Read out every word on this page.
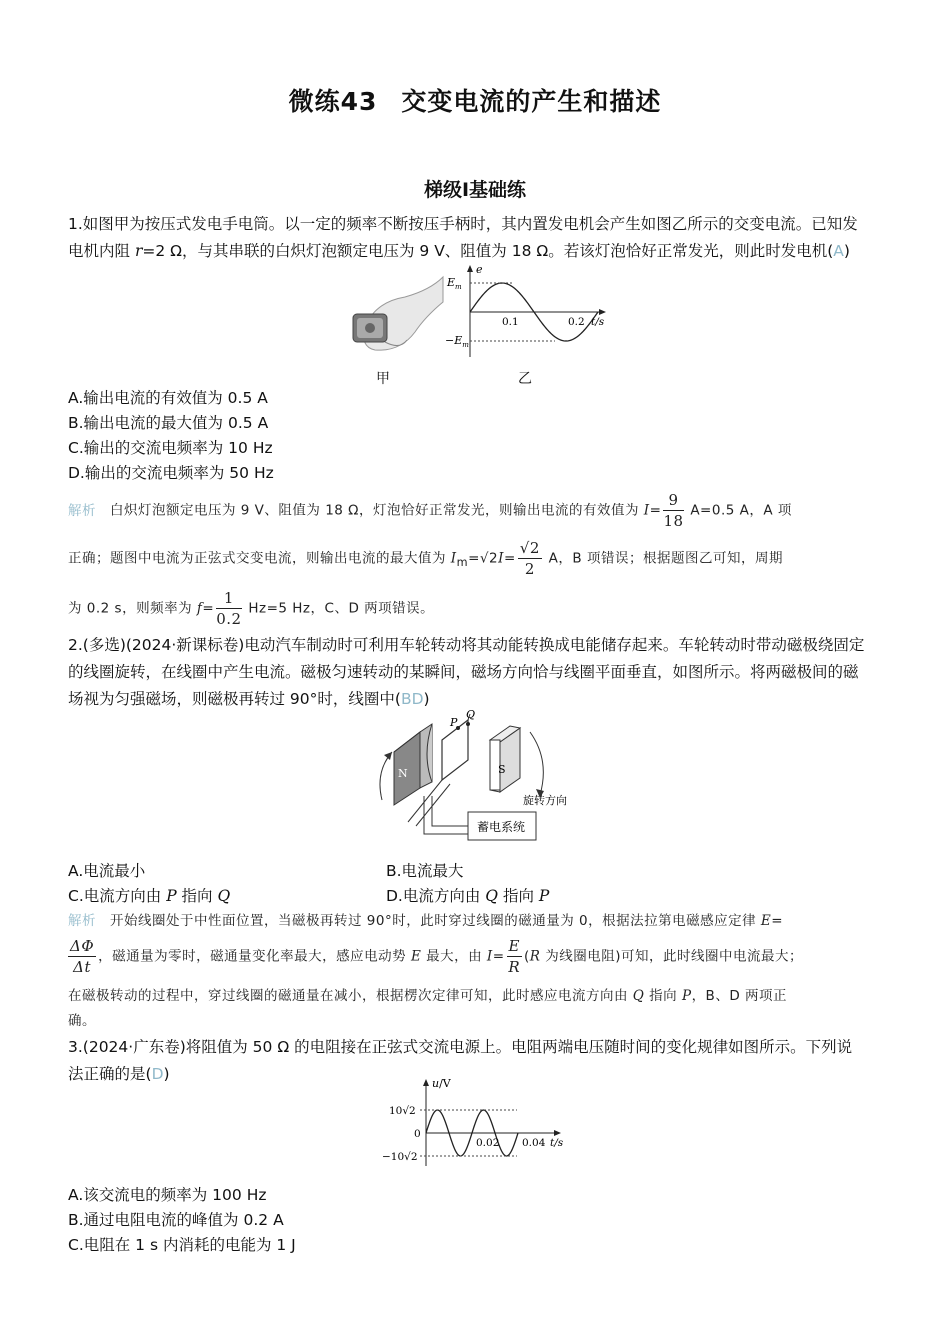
微练43 交变电流的产生和描述
梯级Ⅰ基础练
1.如图甲为按压式发电手电筒。以一定的频率不断按压手柄时，其内置发电机会产生如图乙所示的交变电流。已知发
电机内阻 r=2 Ω，与其串联的白炽灯泡额定电压为 9 V、阻值为 18 Ω。若该灯泡恰好正常发光，则此时发电机(A)
甲	乙
e
$E_m$
$-E_m$
0.1	0.2 t/s
A.输出电流的有效值为 0.5 A
B.输出电流的最大值为 0.5 A
C.输出的交流电频率为 10 Hz
D.输出的交流电频率为 50 Hz
解析 白炽灯泡额定电压为 9 V、阻值为 18 Ω，灯泡恰好正常发光，则输出电流的有效值为 $I= \frac{9}{18} A=0.5$ A，A 项
正确；题图中电流为正弦式交变电流，则输出电流的最大值为 $I_m=√2I= \frac{√2}{2}$ A，B 项错误；根据题图乙可知，周期
为 0.2 s，则频率为 $f= \frac{1}{0.2} Hz=5$ Hz，C、D 两项错误。
2.(多选)(2024·新课标卷)电动汽车制动时可利用车轮转动将其动能转换成电能储存起来。车轮转动时带动磁极绕固定
的线圈旋转，在线圈中产生电流。磁极匀速转动的某瞬间，磁场方向恰与线圈平面垂直，如图所示。将两磁极间的磁
场视为匀强磁场，则磁极再转过 90°时，线圈中(BD)
N	S
P
Q
蓄电系统
旋转方向
A.电流最小	B.电流最大
C.电流方向由 P 指向 Q	D.电流方向由 Q 指向 P
解析 开始线圈处于中性面位置，当磁极再转过 90°时，此时穿过线圈的磁通量为 0，根据法拉第电磁感应定律 E=
$\frac{\Delta\Phi}{\Delta t}$ ，磁通量为零时，磁通量变化率最大，感应电动势 E 最大，由 $I= \frac{E}{R} (R$ 为线圈电阻)可知，此时线圈中电流最大；
在磁极转动的过程中，穿过线圈的磁通量在减小，根据楞次定律可知，此时感应电流方向由 Q 指向 P，B、D 两项正
确。
3.(2024·广东卷)将阻值为 50 Ω 的电阻接在正弦式交流电源上。电阻两端电压随时间的变化规律如图所示。下列说
法正确的是(D)
u/V
10√2
0
−10√2
0.02 0.04 t/s
A.该交流电的频率为 100 Hz
B.通过电阻电流的峰值为 0.2 A
C.电阻在 1 s 内消耗的电能为 1 J
